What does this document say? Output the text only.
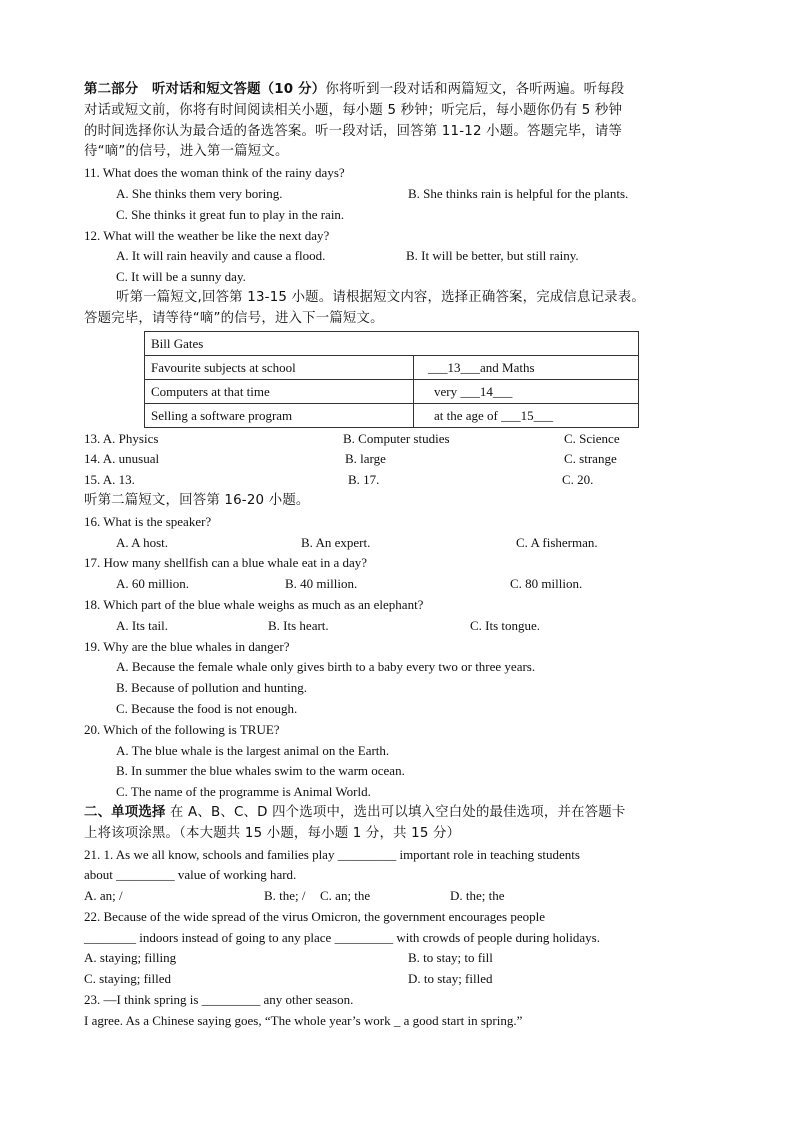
第二部分　听对话和短文答题（10 分）你将听到一段对话和两篇短文，各听两遍。听每段
对话或短文前，你将有时间阅读相关小题，每小题 5 秒钟；听完后，每小题你仍有 5 秒钟
的时间选择你认为最合适的备选答案。听一段对话，回答第 11-12 小题。答题完毕，请等
待“嘀”的信号，进入第一篇短文。
11. What does the woman think of the rainy days?
A. She thinks them very boring.	B. She thinks rain is helpful for the plants.
C. She thinks it great fun to play in the rain.
12. What will the weather be like the next day?
A. It will rain heavily and cause a flood.	B. It will be better, but still rainy.
C. It will be a sunny day.
听第一篇短文,回答第 13-15 小题。请根据短文内容，选择正确答案，完成信息记录表。
答题完毕，请等待“嘀”的信号，进入下一篇短文。
Bill Gates	
Favourite subjects at school	___13___and Maths
Computers at that time	very ___14___
Selling a software program	at the age of ___15___
13. A. Physics	B. Computer studies	C. Science
14. A. unusual	B. large	C. strange
15. A. 13.	B. 17.	C. 20.
听第二篇短文，回答第 16-20 小题。
16. What is the speaker?
A. A host.	B. An expert.	C. A fisherman.
17. How many shellfish can a blue whale eat in a day?
A. 60 million.	B. 40 million.	C. 80 million.
18. Which part of the blue whale weighs as much as an elephant?
A. Its tail.	B. Its heart.	C. Its tongue.
19. Why are the blue whales in danger?
A. Because the female whale only gives birth to a baby every two or three years.
B. Because of pollution and hunting.
C. Because the food is not enough.
20. Which of the following is TRUE?
A. The blue whale is the largest animal on the Earth.
B. In summer the blue whales swim to the warm ocean.
C. The name of the programme is Animal World.
二、单项选择 在 A、B、C、D 四个选项中，选出可以填入空白处的最佳选项，并在答题卡
上将该项涂黑。（本大题共 15 小题，每小题 1 分，共 15 分）
21. 1. As we all know, schools and families play _________ important role in teaching students
about _________ value of working hard.
A. an; /	B. the; / C. an; the	D. the; the
22. Because of the wide spread of the virus Omicron, the government encourages people
________ indoors instead of going to any place _________ with crowds of people during holidays.
A. staying; filling	B. to stay; to fill
C. staying; filled	D. to stay; filled
23. —I think spring is _________ any other season.
I agree. As a Chinese saying goes, “The whole year’s work _ a good start in spring.”
